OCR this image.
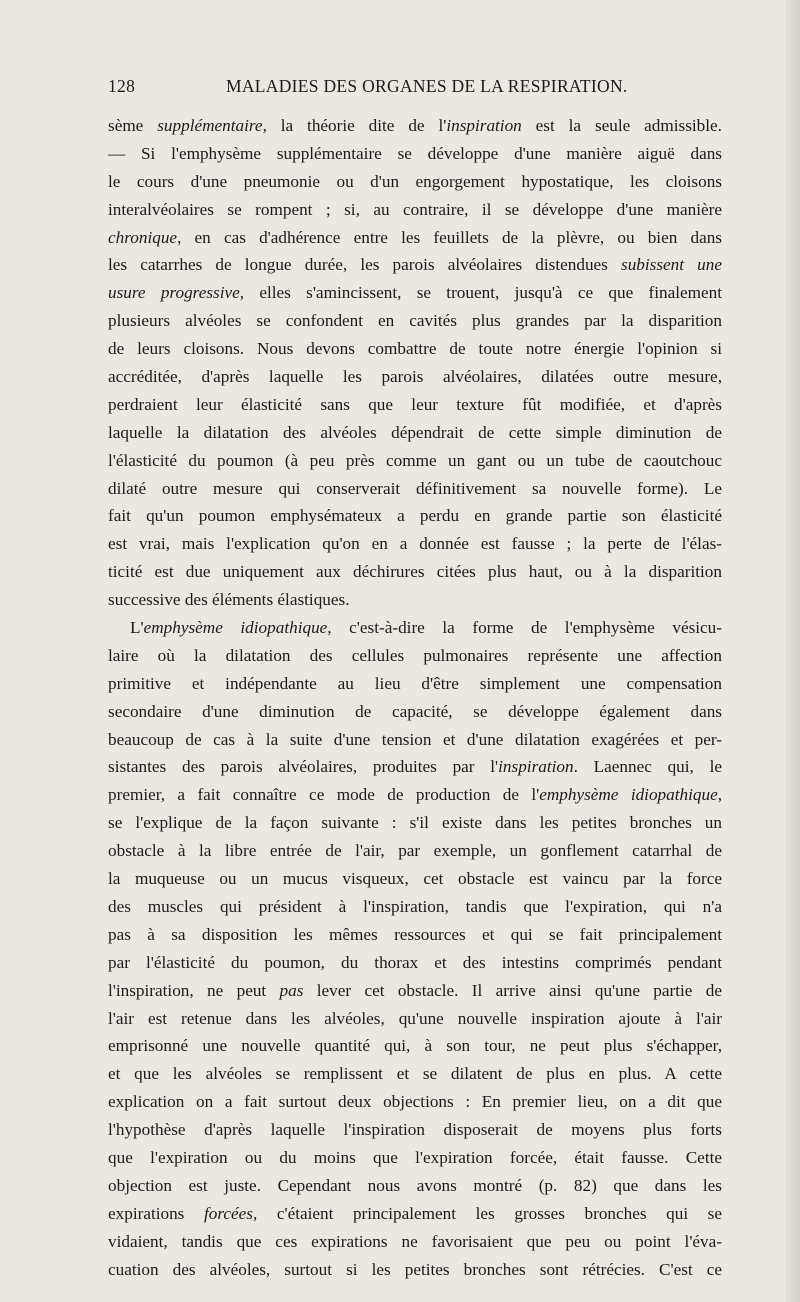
128	MALADIES DES ORGANES DE LA RESPIRATION.
sème supplémentaire, la théorie dite de l'inspiration est la seule admissible.
— Si l'emphysème supplémentaire se développe d'une manière aiguë dans
le cours d'une pneumonie ou d'un engorgement hypostatique, les cloisons
interalvéolaires se rompent ; si, au contraire, il se développe d'une manière
chronique, en cas d'adhérence entre les feuillets de la plèvre, ou bien dans
les catarrhes de longue durée, les parois alvéolaires distendues subissent une
usure progressive, elles s'amincissent, se trouent, jusqu'à ce que finalement
plusieurs alvéoles se confondent en cavités plus grandes par la disparition
de leurs cloisons. Nous devons combattre de toute notre énergie l'opinion si
accréditée, d'après laquelle les parois alvéolaires, dilatées outre mesure,
perdraient leur élasticité sans que leur texture fût modifiée, et d'après
laquelle la dilatation des alvéoles dépendrait de cette simple diminution de
l'élasticité du poumon (à peu près comme un gant ou un tube de caoutchouc
dilaté outre mesure qui conserverait définitivement sa nouvelle forme). Le
fait qu'un poumon emphysémateux a perdu en grande partie son élasticité
est vrai, mais l'explication qu'on en a donnée est fausse ; la perte de l'élas-
ticité est due uniquement aux déchirures citées plus haut, ou à la disparition
successive des éléments élastiques.
L'emphysème idiopathique, c'est-à-dire la forme de l'emphysème vésicu-
laire où la dilatation des cellules pulmonaires représente une affection
primitive et indépendante au lieu d'être simplement une compensation
secondaire d'une diminution de capacité, se développe également dans
beaucoup de cas à la suite d'une tension et d'une dilatation exagérées et per-
sistantes des parois alvéolaires, produites par l'inspiration. Laennec qui, le
premier, a fait connaître ce mode de production de l'emphysème idiopathique,
se l'explique de la façon suivante : s'il existe dans les petites bronches un
obstacle à la libre entrée de l'air, par exemple, un gonflement catarrhal de
la muqueuse ou un mucus visqueux, cet obstacle est vaincu par la force
des muscles qui président à l'inspiration, tandis que l'expiration, qui n'a
pas à sa disposition les mêmes ressources et qui se fait principalement
par l'élasticité du poumon, du thorax et des intestins comprimés pendant
l'inspiration, ne peut pas lever cet obstacle. Il arrive ainsi qu'une partie de
l'air est retenue dans les alvéoles, qu'une nouvelle inspiration ajoute à l'air
emprisonné une nouvelle quantité qui, à son tour, ne peut plus s'échapper,
et que les alvéoles se remplissent et se dilatent de plus en plus. A cette
explication on a fait surtout deux objections : En premier lieu, on a dit que
l'hypothèse d'après laquelle l'inspiration disposerait de moyens plus forts
que l'expiration ou du moins que l'expiration forcée, était fausse. Cette
objection est juste. Cependant nous avons montré (p. 82) que dans les
expirations forcées, c'étaient principalement les grosses bronches qui se
vidaient, tandis que ces expirations ne favorisaient que peu ou point l'éva-
cuation des alvéoles, surtout si les petites bronches sont rétrécies. C'est ce
